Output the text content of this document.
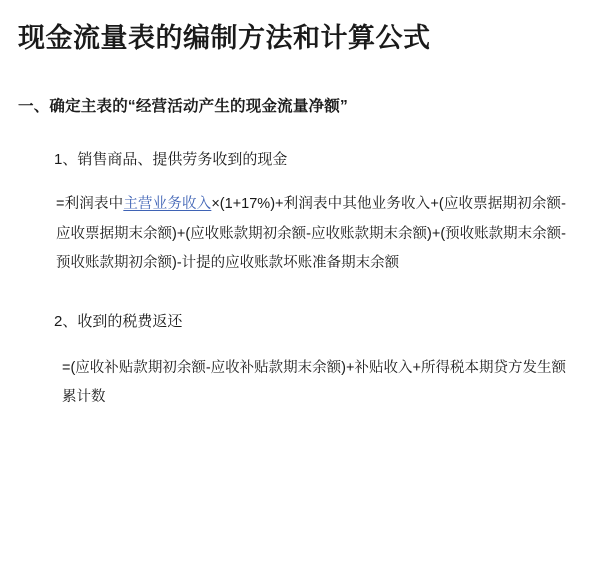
现金流量表的编制方法和计算公式
一、确定主表的“经营活动产生的现金流量净额”

1、销售商品、提供劳务收到的现金

=利润表中主营业务收入×(1+17%)+利润表中其他业务收入+(应收票据期初余额-应收票据期末余额)+(应收账款期初余额-应收账款期末余额)+(预收账款期末余额-预收账款期初余额)-计提的应收账款坏账准备期末余额

2、收到的税费返还

=(应收补贴款期初余额-应收补贴款期末余额)+补贴收入+所得税本期贷方发生额累计数
